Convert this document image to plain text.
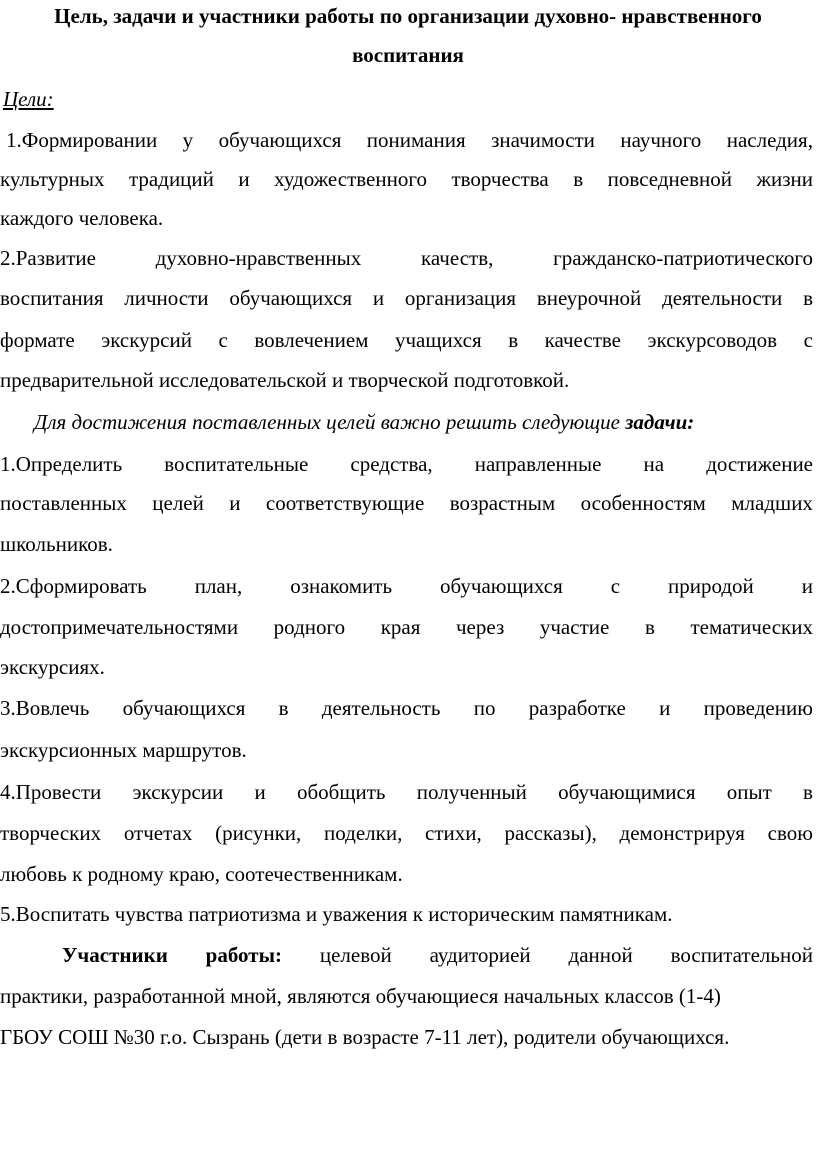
Цель, задачи и участники работы по организации духовно- нравственного
воспитания
Цели:
1.Формировании у обучающихся понимания значимости научного наследия,
культурных традиций и художественного творчества в повседневной жизни
каждого человека.
2.Развитие	духовно-нравственных	качеств,	гражданско-патриотического
воспитания личности обучающихся и организация внеурочной деятельности в
формате экскурсий с вовлечением учащихся в качестве экскурсоводов с
предварительной исследовательской и творческой подготовкой.
Для достижения поставленных целей важно решить следующие задачи:
1.Определить воспитательные средства, направленные на достижение
поставленных целей и соответствующие возрастным особенностям младших
школьников.
2.Сформировать план, ознакомить обучающихся с природой и
достопримечательностями родного края через участие в тематических
экскурсиях.
3.Вовлечь обучающихся в деятельность по разработке и проведению
экскурсионных маршрутов.
4.Провести экскурсии и обобщить полученный обучающимися опыт в
творческих отчетах (рисунки, поделки, стихи, рассказы), демонстрируя свою
любовь к родному краю, соотечественникам.
5.Воспитать чувства патриотизма и уважения к историческим памятникам.
Участники работы: целевой аудиторией данной воспитательной
практики, разработанной мной, являются обучающиеся начальных классов (1-4)
ГБОУ СОШ №30 г.о. Сызрань (дети в возрасте 7-11 лет), родители обучающихся.
